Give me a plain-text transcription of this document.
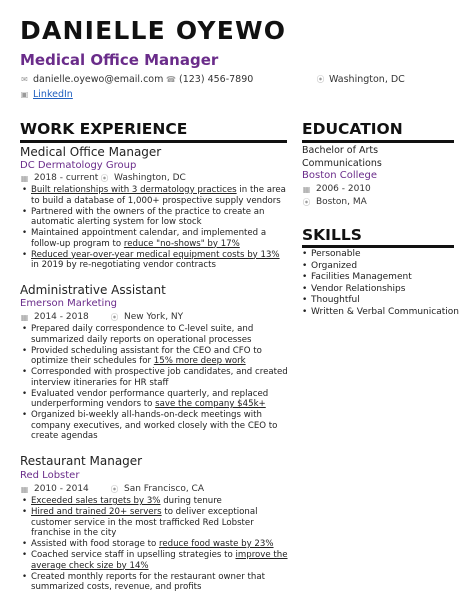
DANIELLE OYEWO
Medical Office Manager
✉ danielle.oyewo@email.com ☎ (123) 456-7890	⦿ Washington, DC
▣ LinkedIn
WORK EXPERIENCE
Medical Office Manager
DC Dermatology Group
▦ 2018 - current ⦿ Washington, DC
• Built relationships with 3 dermatology practices in the area to build a database of 1,000+ prospective supply vendors
• Partnered with the owners of the practice to create an automatic alerting system for low stock
• Maintained appointment calendar, and implemented a follow-up program to reduce "no-shows" by 17%
• Reduced year-over-year medical equipment costs by 13% in 2019 by re-negotiating vendor contracts
Administrative Assistant
Emerson Marketing
▦ 2014 - 2018	⦿ New York, NY
• Prepared daily correspondence to C-level suite, and summarized daily reports on operational processes
• Provided scheduling assistant for the CEO and CFO to optimize their schedules for 15% more deep work
• Corresponded with prospective job candidates, and created interview itineraries for HR staff
• Evaluated vendor performance quarterly, and replaced underperforming vendors to save the company $45k+
• Organized bi-weekly all-hands-on-deck meetings with company executives, and worked closely with the CEO to create agendas
Restaurant Manager
Red Lobster
▦ 2010 - 2014	⦿ San Francisco, CA
• Exceeded sales targets by 3% during tenure
• Hired and trained 20+ servers to deliver exceptional customer service in the most trafficked Red Lobster franchise in the city
• Assisted with food storage to reduce food waste by 23%
• Coached service staff in upselling strategies to improve the average check size by 14%
• Created monthly reports for the restaurant owner that summarized costs, revenue, and profits
EDUCATION
Bachelor of Arts
Communications
Boston College
▦ 2006 - 2010
⦿ Boston, MA
SKILLS
• Personable
• Organized
• Facilities Management
• Vendor Relationships
• Thoughtful
• Written & Verbal Communication
